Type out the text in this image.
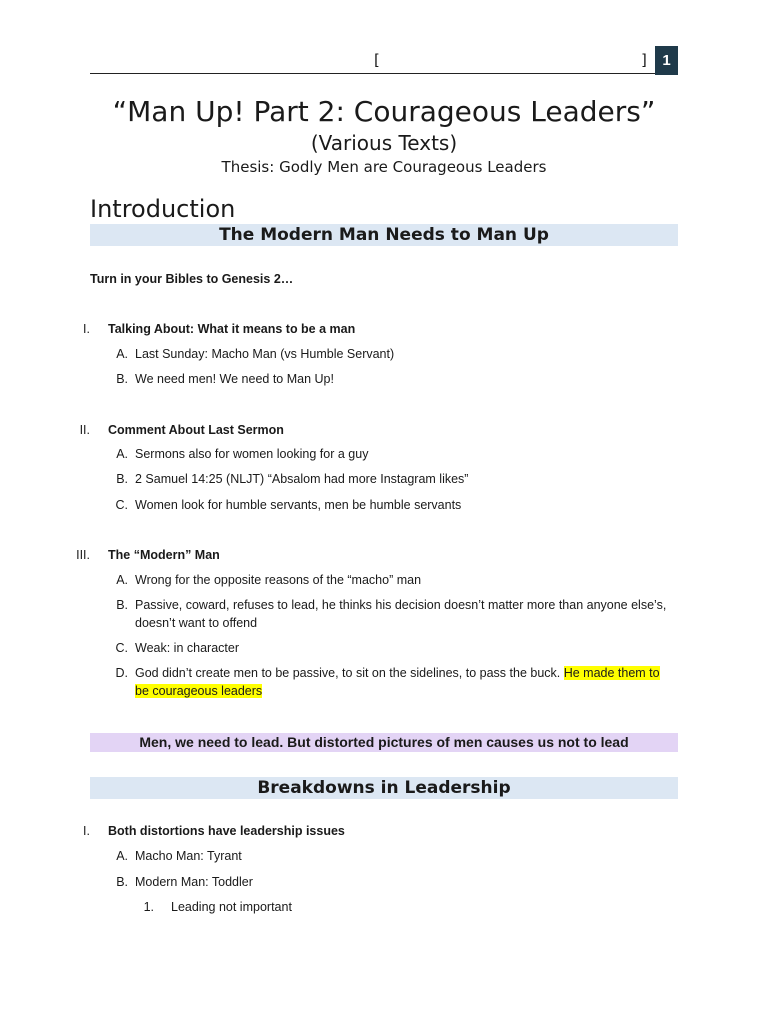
[	]	1
“Man Up! Part 2: Courageous Leaders”
(Various Texts)
Thesis: Godly Men are Courageous Leaders
Introduction
The Modern Man Needs to Man Up
Turn in your Bibles to Genesis 2…
I. Talking About: What it means to be a man
A. Last Sunday: Macho Man (vs Humble Servant)
B. We need men! We need to Man Up!
II. Comment About Last Sermon
A. Sermons also for women looking for a guy
B. 2 Samuel 14:25 (NLJT) “Absalom had more Instagram likes”
C. Women look for humble servants, men be humble servants
III. The “Modern” Man
A. Wrong for the opposite reasons of the “macho” man
B. Passive, coward, refuses to lead, he thinks his decision doesn’t matter more than anyone else’s,
doesn’t want to offend
C. Weak: in character
D. God didn’t create men to be passive, to sit on the sidelines, to pass the buck. He made them to
be courageous leaders
Men, we need to lead. But distorted pictures of men causes us not to lead
Breakdowns in Leadership
I. Both distortions have leadership issues
A. Macho Man: Tyrant
B. Modern Man: Toddler
1. Leading not important
